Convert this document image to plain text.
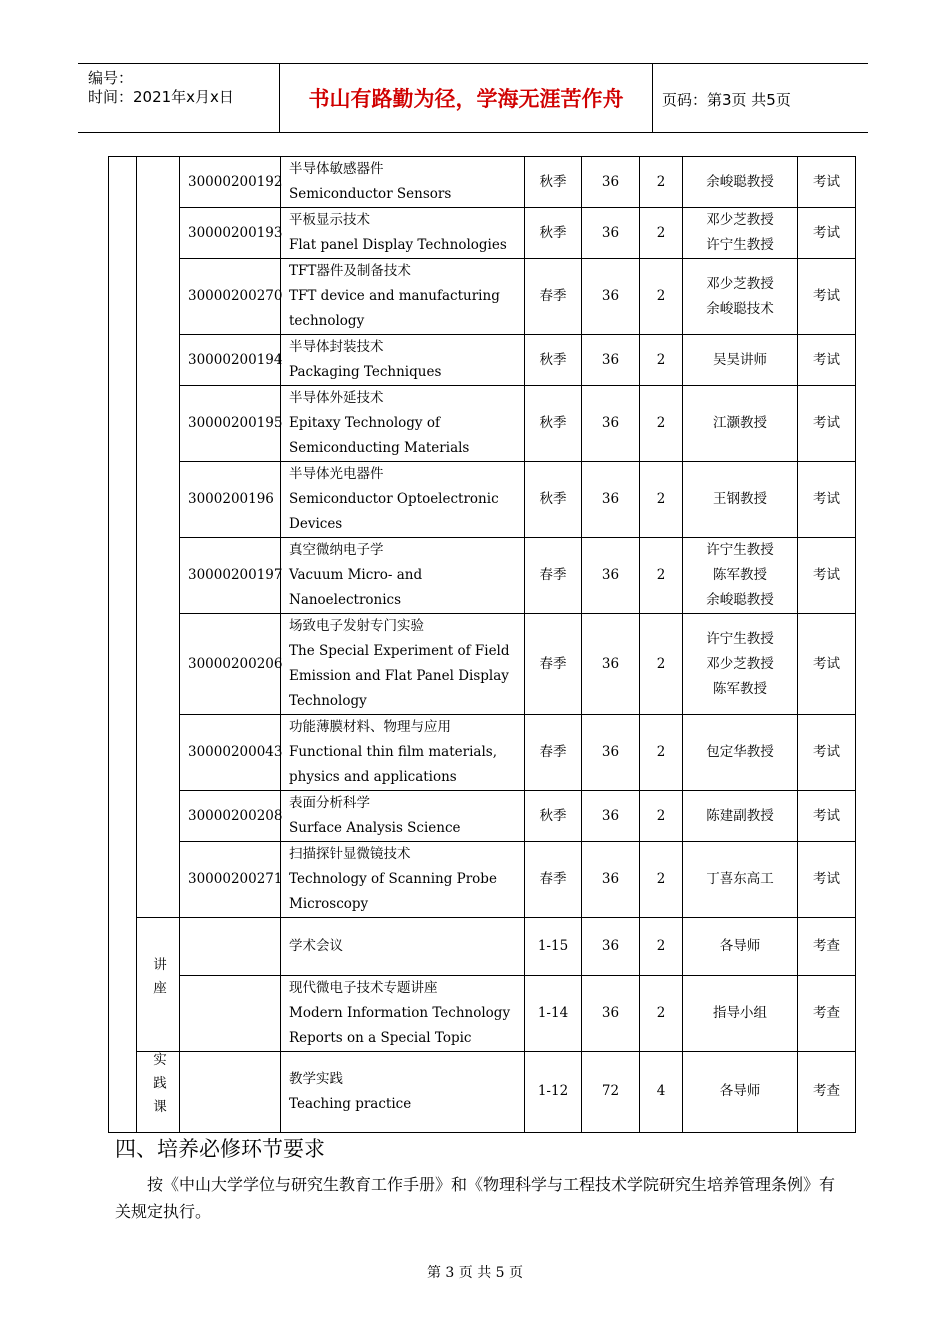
编号：
时间：2021年x月x日	书山有路勤为径，学海无涯苦作舟	页码：第3页 共5页
		30000200192	半导体敏感器件
Semiconductor Sensors	秋季	36	2	余峻聪教授	考试
		30000200193	平板显示技术
Flat panel Display Technologies	秋季	36	2	邓少芝教授
许宁生教授	考试
		30000200270	TFT器件及制备技术
TFT device and manufacturing technology	春季	36	2	邓少芝教授
余峻聪技术	考试
		30000200194	半导体封装技术
Packaging Techniques	秋季	36	2	吴昊讲师	考试
		30000200195	半导体外延技术
Epitaxy Technology of Semiconducting Materials	秋季	36	2	江灏教授	考试
		3000200196	半导体光电器件
Semiconductor Optoelectronic Devices	秋季	36	2	王钢教授	考试
		30000200197	真空微纳电子学
Vacuum Micro- and Nanoelectronics	春季	36	2	许宁生教授
陈军教授
余峻聪教授	考试
		30000200206	场致电子发射专门实验
The Special Experiment of Field Emission and Flat Panel Display Technology	春季	36	2	许宁生教授
邓少芝教授
陈军教授	考试
		30000200043	功能薄膜材料、物理与应用
Functional thin film materials, physics and applications	春季	36	2	包定华教授	考试
		30000200208	表面分析科学
Surface Analysis Science	秋季	36	2	陈建副教授	考试
		30000200271	扫描探针显微镜技术
Technology of Scanning Probe Microscopy	春季	36	2	丁喜东高工	考试
	讲座		学术会议	1-15	36	2	各导师	考查

			现代微电子技术专题讲座
Modern Information Technology Reports on a Special Topic	1-14	36	2	指导小组	考查
	实践课		教学实践
Teaching practice	1-12	72	4	各导师	考查
四、培养必修环节要求
按《中山大学学位与研究生教育工作手册》和《物理科学与工程技术学院研究生培养管理条例》有关规定执行。
第 3 页 共 5 页
